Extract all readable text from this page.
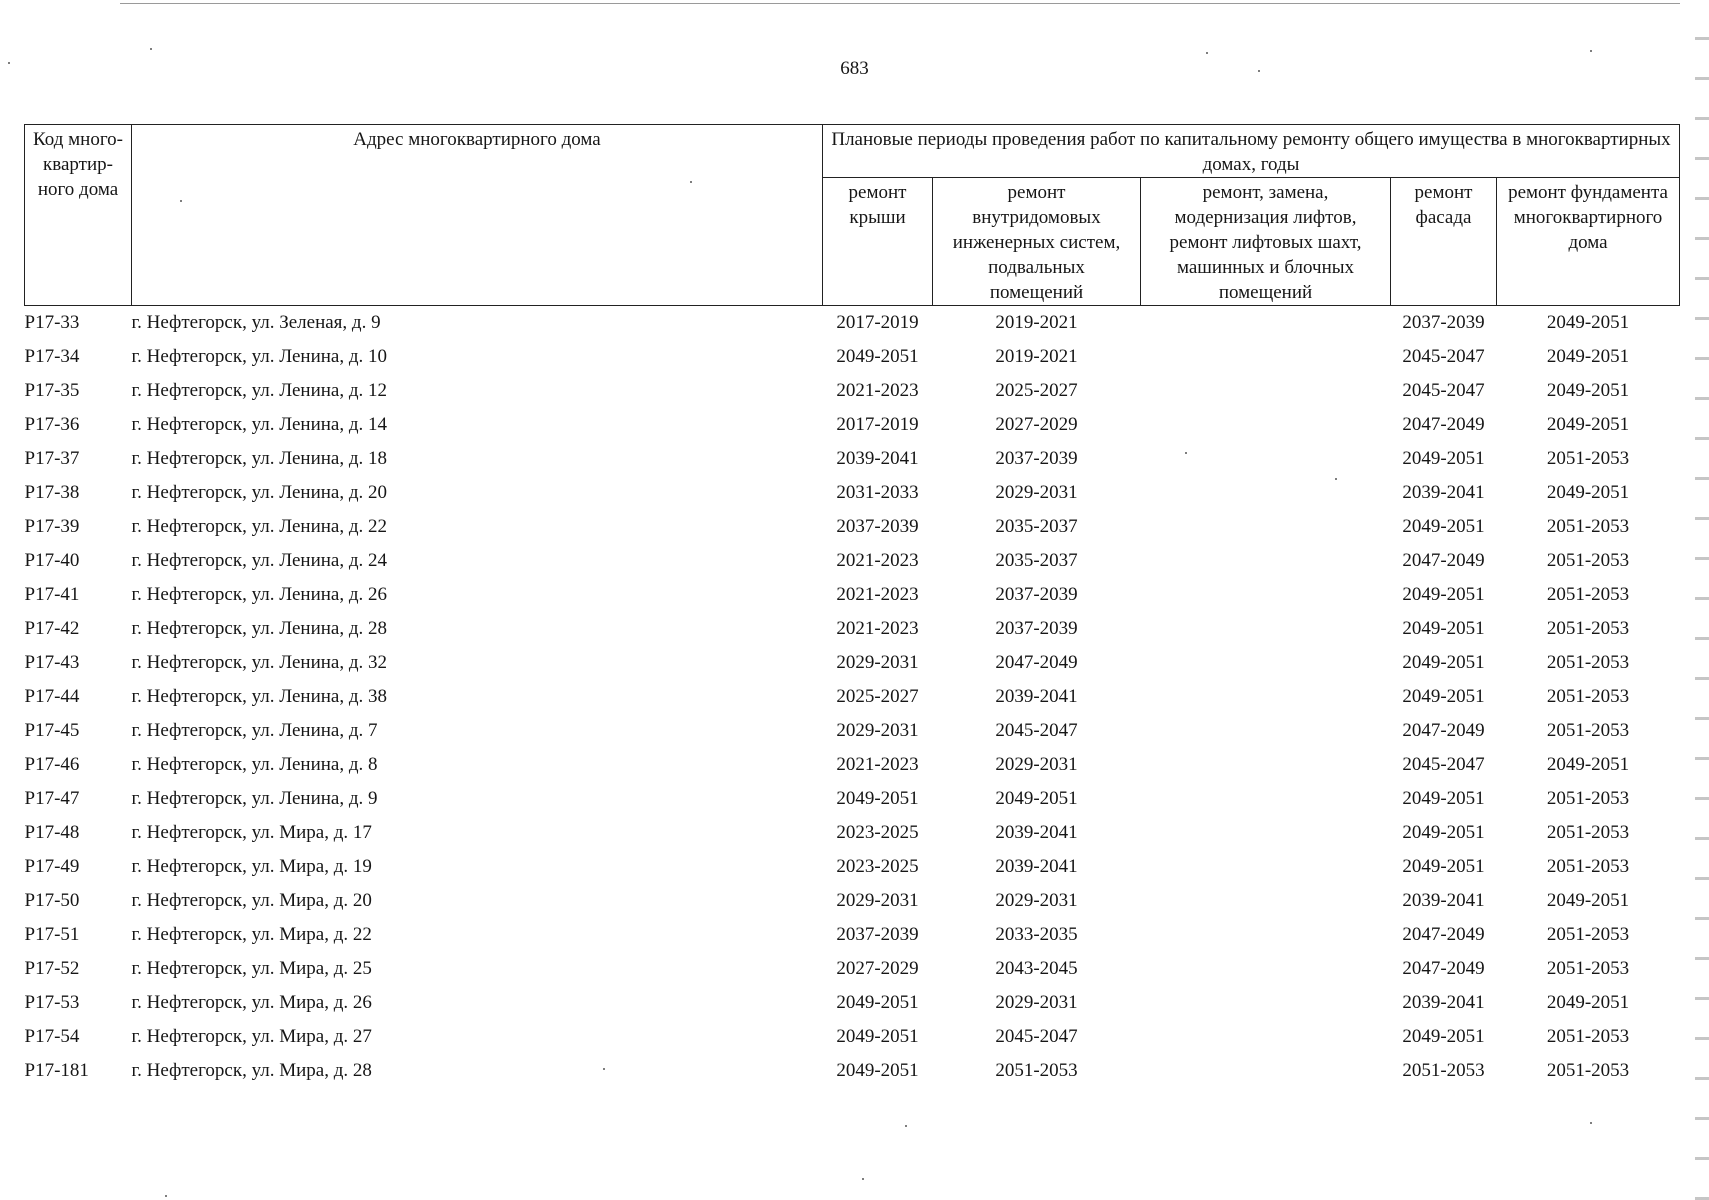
683
Код много-
квартир-
ного дома	Адрес многоквартирного дома	Плановые периоды проведения работ по капитальному ремонту общего имущества в многоквартирных домах, годы				
		ремонт
крыши	ремонт
внутридомовых
инженерных систем,
подвальных
помещений	ремонт, замена,
модернизация лифтов,
ремонт лифтовых шахт,
машинных и блочных
помещений	ремонт
фасада	ремонт фундамента
многоквартирного
дома
Р17-33	г. Нефтегорск, ул. Зеленая, д. 9	2017-2019	2019-2021		2037-2039	2049-2051
Р17-34	г. Нефтегорск, ул. Ленина, д. 10	2049-2051	2019-2021		2045-2047	2049-2051
Р17-35	г. Нефтегорск, ул. Ленина, д. 12	2021-2023	2025-2027		2045-2047	2049-2051
Р17-36	г. Нефтегорск, ул. Ленина, д. 14	2017-2019	2027-2029		2047-2049	2049-2051
Р17-37	г. Нефтегорск, ул. Ленина, д. 18	2039-2041	2037-2039		2049-2051	2051-2053
Р17-38	г. Нефтегорск, ул. Ленина, д. 20	2031-2033	2029-2031		2039-2041	2049-2051
Р17-39	г. Нефтегорск, ул. Ленина, д. 22	2037-2039	2035-2037		2049-2051	2051-2053
Р17-40	г. Нефтегорск, ул. Ленина, д. 24	2021-2023	2035-2037		2047-2049	2051-2053
Р17-41	г. Нефтегорск, ул. Ленина, д. 26	2021-2023	2037-2039		2049-2051	2051-2053
Р17-42	г. Нефтегорск, ул. Ленина, д. 28	2021-2023	2037-2039		2049-2051	2051-2053
Р17-43	г. Нефтегорск, ул. Ленина, д. 32	2029-2031	2047-2049		2049-2051	2051-2053
Р17-44	г. Нефтегорск, ул. Ленина, д. 38	2025-2027	2039-2041		2049-2051	2051-2053
Р17-45	г. Нефтегорск, ул. Ленина, д. 7	2029-2031	2045-2047		2047-2049	2051-2053
Р17-46	г. Нефтегорск, ул. Ленина, д. 8	2021-2023	2029-2031		2045-2047	2049-2051
Р17-47	г. Нефтегорск, ул. Ленина, д. 9	2049-2051	2049-2051		2049-2051	2051-2053
Р17-48	г. Нефтегорск, ул. Мира, д. 17	2023-2025	2039-2041		2049-2051	2051-2053
Р17-49	г. Нефтегорск, ул. Мира, д. 19	2023-2025	2039-2041		2049-2051	2051-2053
Р17-50	г. Нефтегорск, ул. Мира, д. 20	2029-2031	2029-2031		2039-2041	2049-2051
Р17-51	г. Нефтегорск, ул. Мира, д. 22	2037-2039	2033-2035		2047-2049	2051-2053
Р17-52	г. Нефтегорск, ул. Мира, д. 25	2027-2029	2043-2045		2047-2049	2051-2053
Р17-53	г. Нефтегорск, ул. Мира, д. 26	2049-2051	2029-2031		2039-2041	2049-2051
Р17-54	г. Нефтегорск, ул. Мира, д. 27	2049-2051	2045-2047		2049-2051	2051-2053
Р17-181	г. Нефтегорск, ул. Мира, д. 28	2049-2051	2051-2053		2051-2053	2051-2053
